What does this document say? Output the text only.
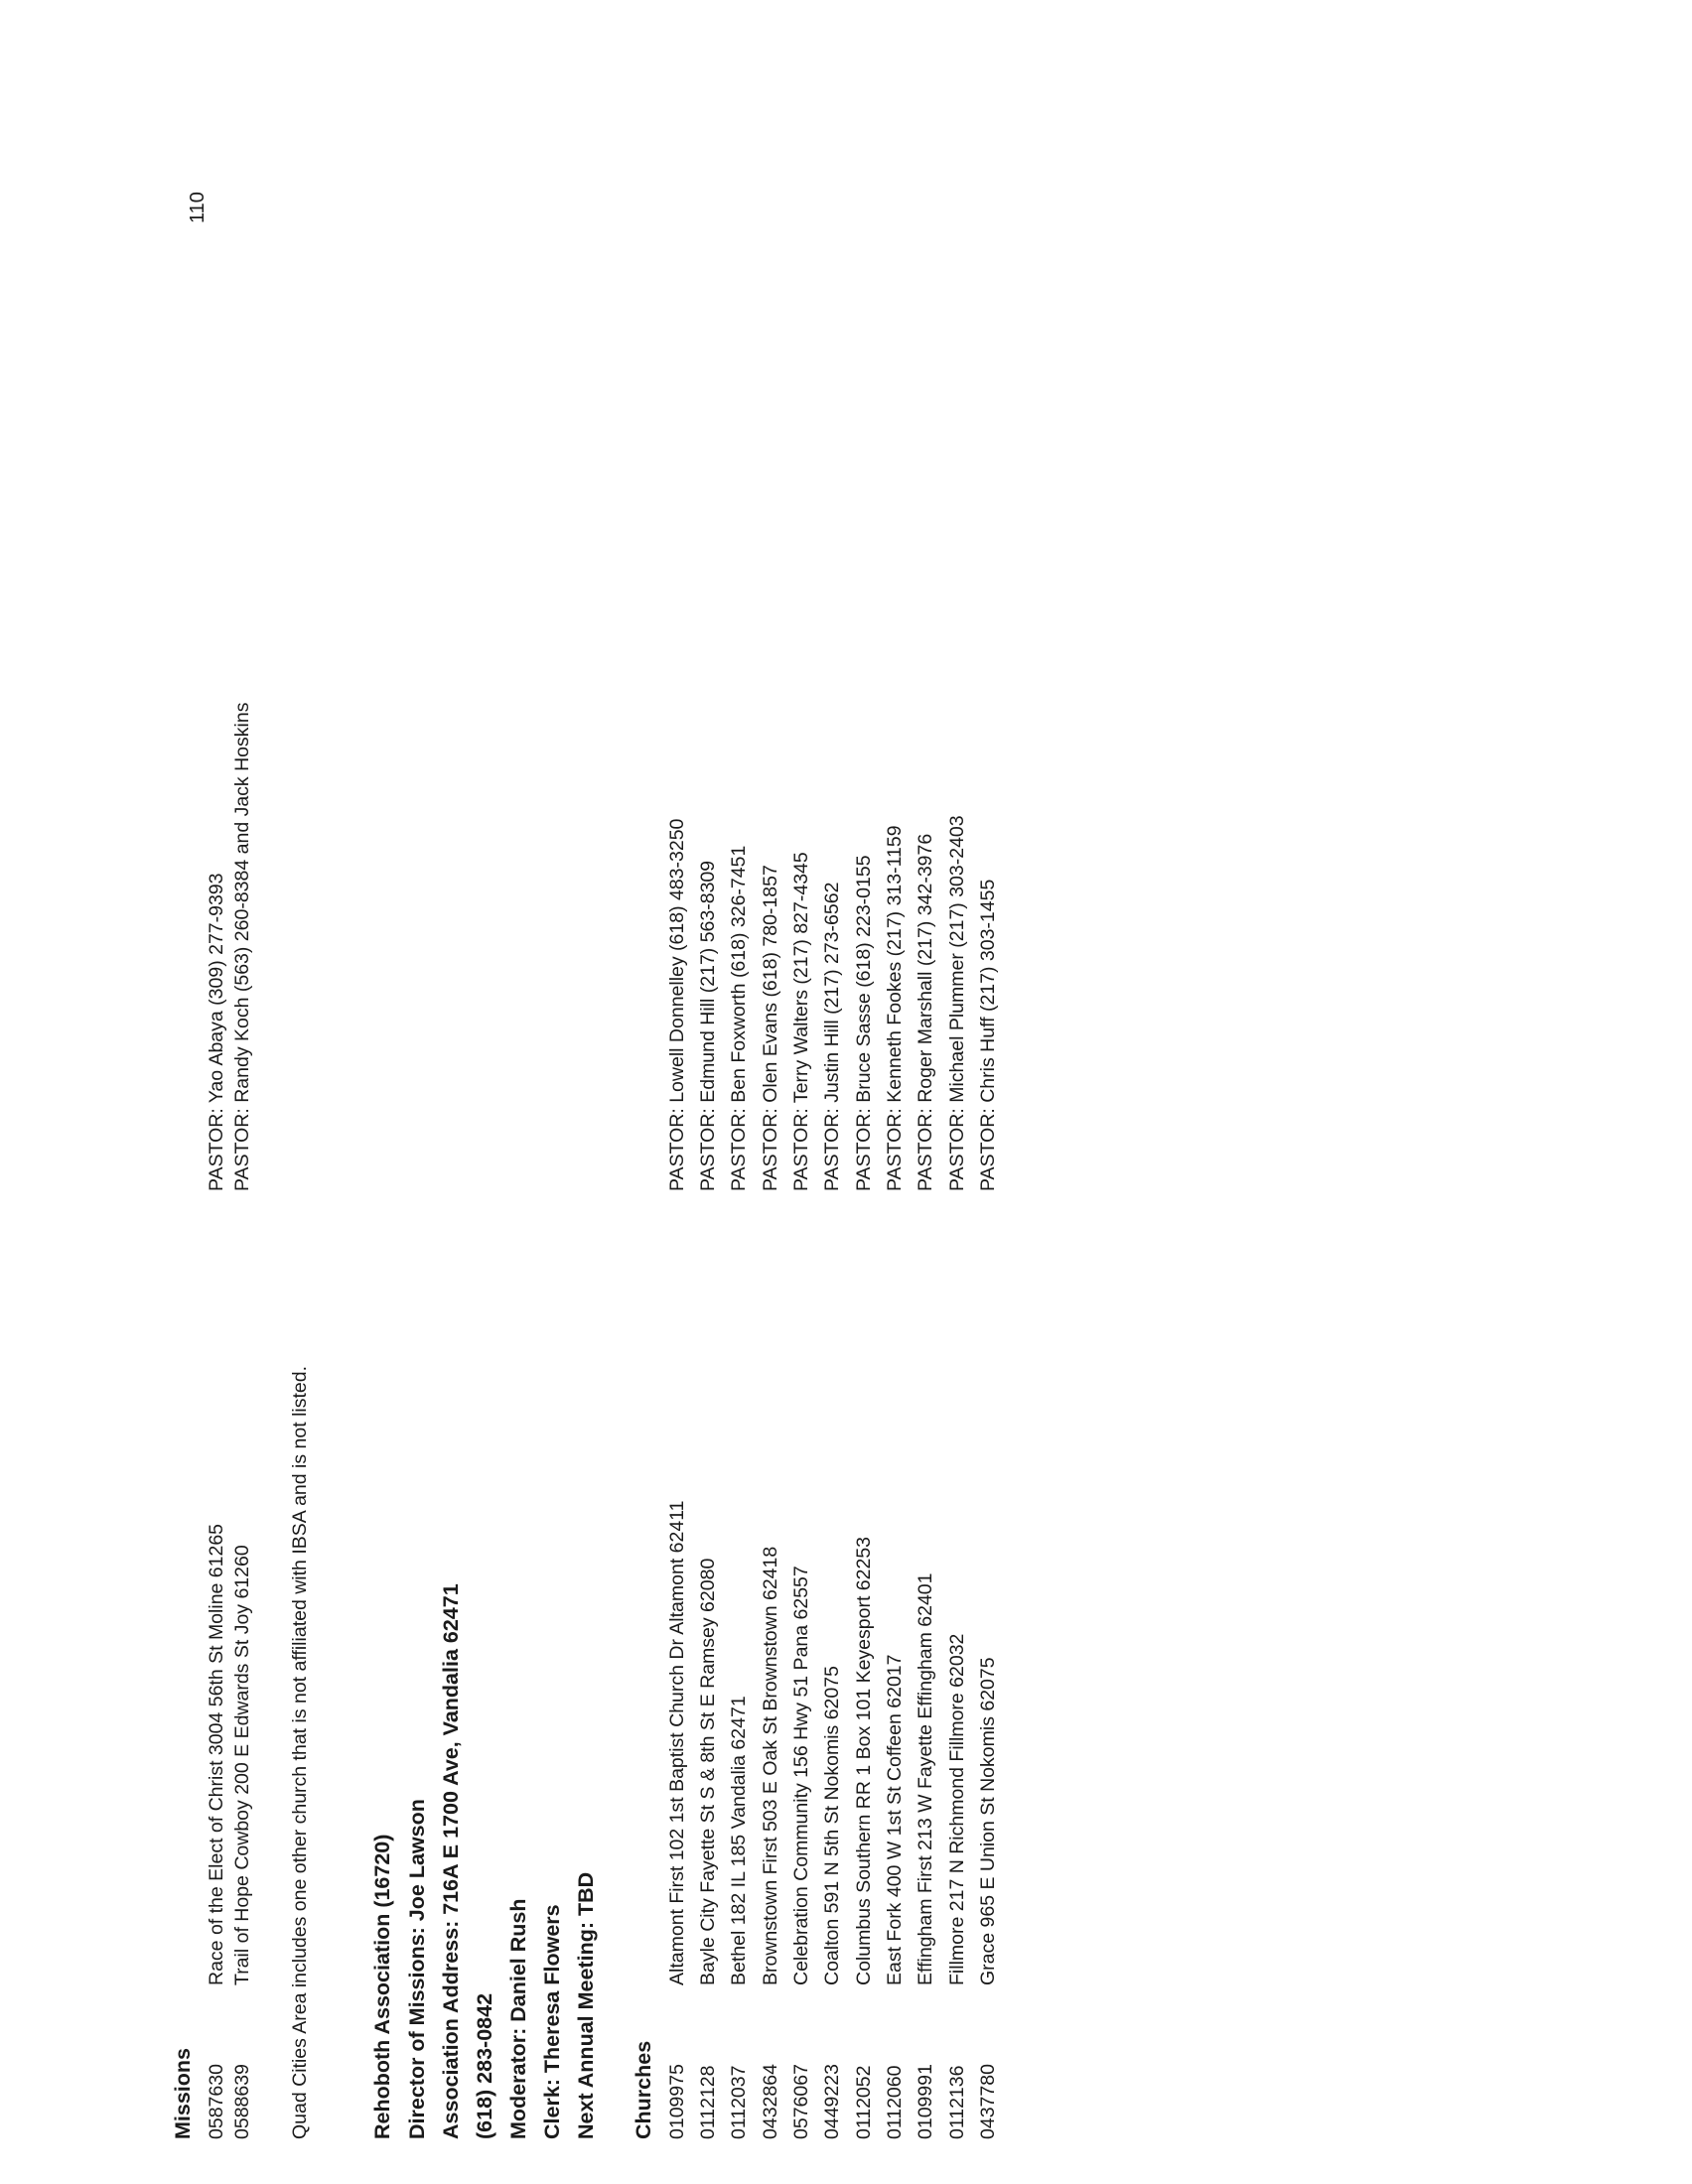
110
Missions 0587630
Race of the Elect of Christ 3004 56th St Moline 61265
PASTOR: Yao Abaya (309) 277-9393
0588639
Trail of Hope Cowboy 200 E Edwards St Joy 61260
PASTOR: Randy Koch (563) 260-8384 and Jack Hoskins
Quad Cities Area includes one other church that is not affiliated with IBSA and is not listed.	Rehoboth Association (16720) Director of Missions: Joe Lawson Association Address: 716A E 1700 Ave, Vandalia 62471 (618) 283-0842 Moderator: Daniel Rush Clerk: Theresa Flowers Next Annual Meeting: TBD Churches 0109975
Altamont First 102 1st Baptist Church Dr Altamont 62411
PASTOR: Lowell Donnelley (618) 483-3250
0112128
Bayle City Fayette St S & 8th St E Ramsey 62080
PASTOR: Edmund Hill (217) 563-8309
0112037
Bethel 182 IL 185 Vandalia 62471
PASTOR: Ben Foxworth (618) 326-7451
0432864
Brownstown First 503 E Oak St Brownstown 62418
PASTOR: Olen Evans (618) 780-1857
0576067
Celebration Community 156 Hwy 51 Pana 62557
PASTOR: Terry Walters (217) 827-4345
0449223
Coalton 591 N 5th St Nokomis 62075
PASTOR: Justin Hill (217) 273-6562
0112052
Columbus Southern RR 1 Box 101 Keyesport 62253
PASTOR: Bruce Sasse (618) 223-0155
0112060
East Fork 400 W 1st St Coffeen 62017
PASTOR: Kenneth Fookes (217) 313-1159
0109991
Effingham First 213 W Fayette Effingham 62401
PASTOR: Roger Marshall (217) 342-3976
0112136
Fillmore 217 N Richmond Fillmore 62032
PASTOR: Michael Plummer (217) 303-2403
0437780
Grace 965 E Union St Nokomis 62075
PASTOR: Chris Huff (217) 303-1455
